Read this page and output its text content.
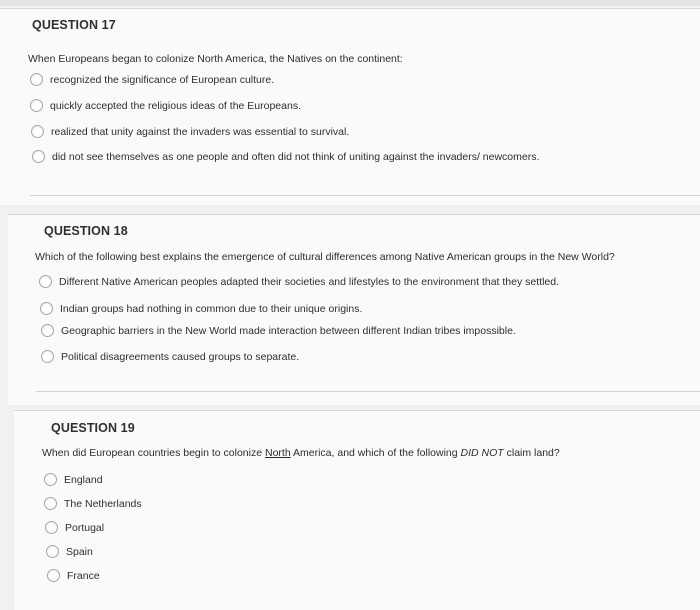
QUESTION 17
When Europeans began to colonize North America, the Natives on the continent:
recognized the significance of European culture.
quickly accepted the religious ideas of the Europeans.
realized that unity against the invaders was essential to survival.
did not see themselves as one people and often did not think of uniting against the invaders/ newcomers.
QUESTION 18
Which of the following best explains the emergence of cultural differences among Native American groups in the New World?
Different Native American peoples adapted their societies and lifestyles to the environment that they settled.
Indian groups had nothing in common due to their unique origins.
Geographic barriers in the New World made interaction between different Indian tribes impossible.
Political disagreements caused groups to separate.
QUESTION 19
When did European countries begin to colonize North America, and which of the following DID NOT claim land?
England
The Netherlands
Portugal
Spain
France
